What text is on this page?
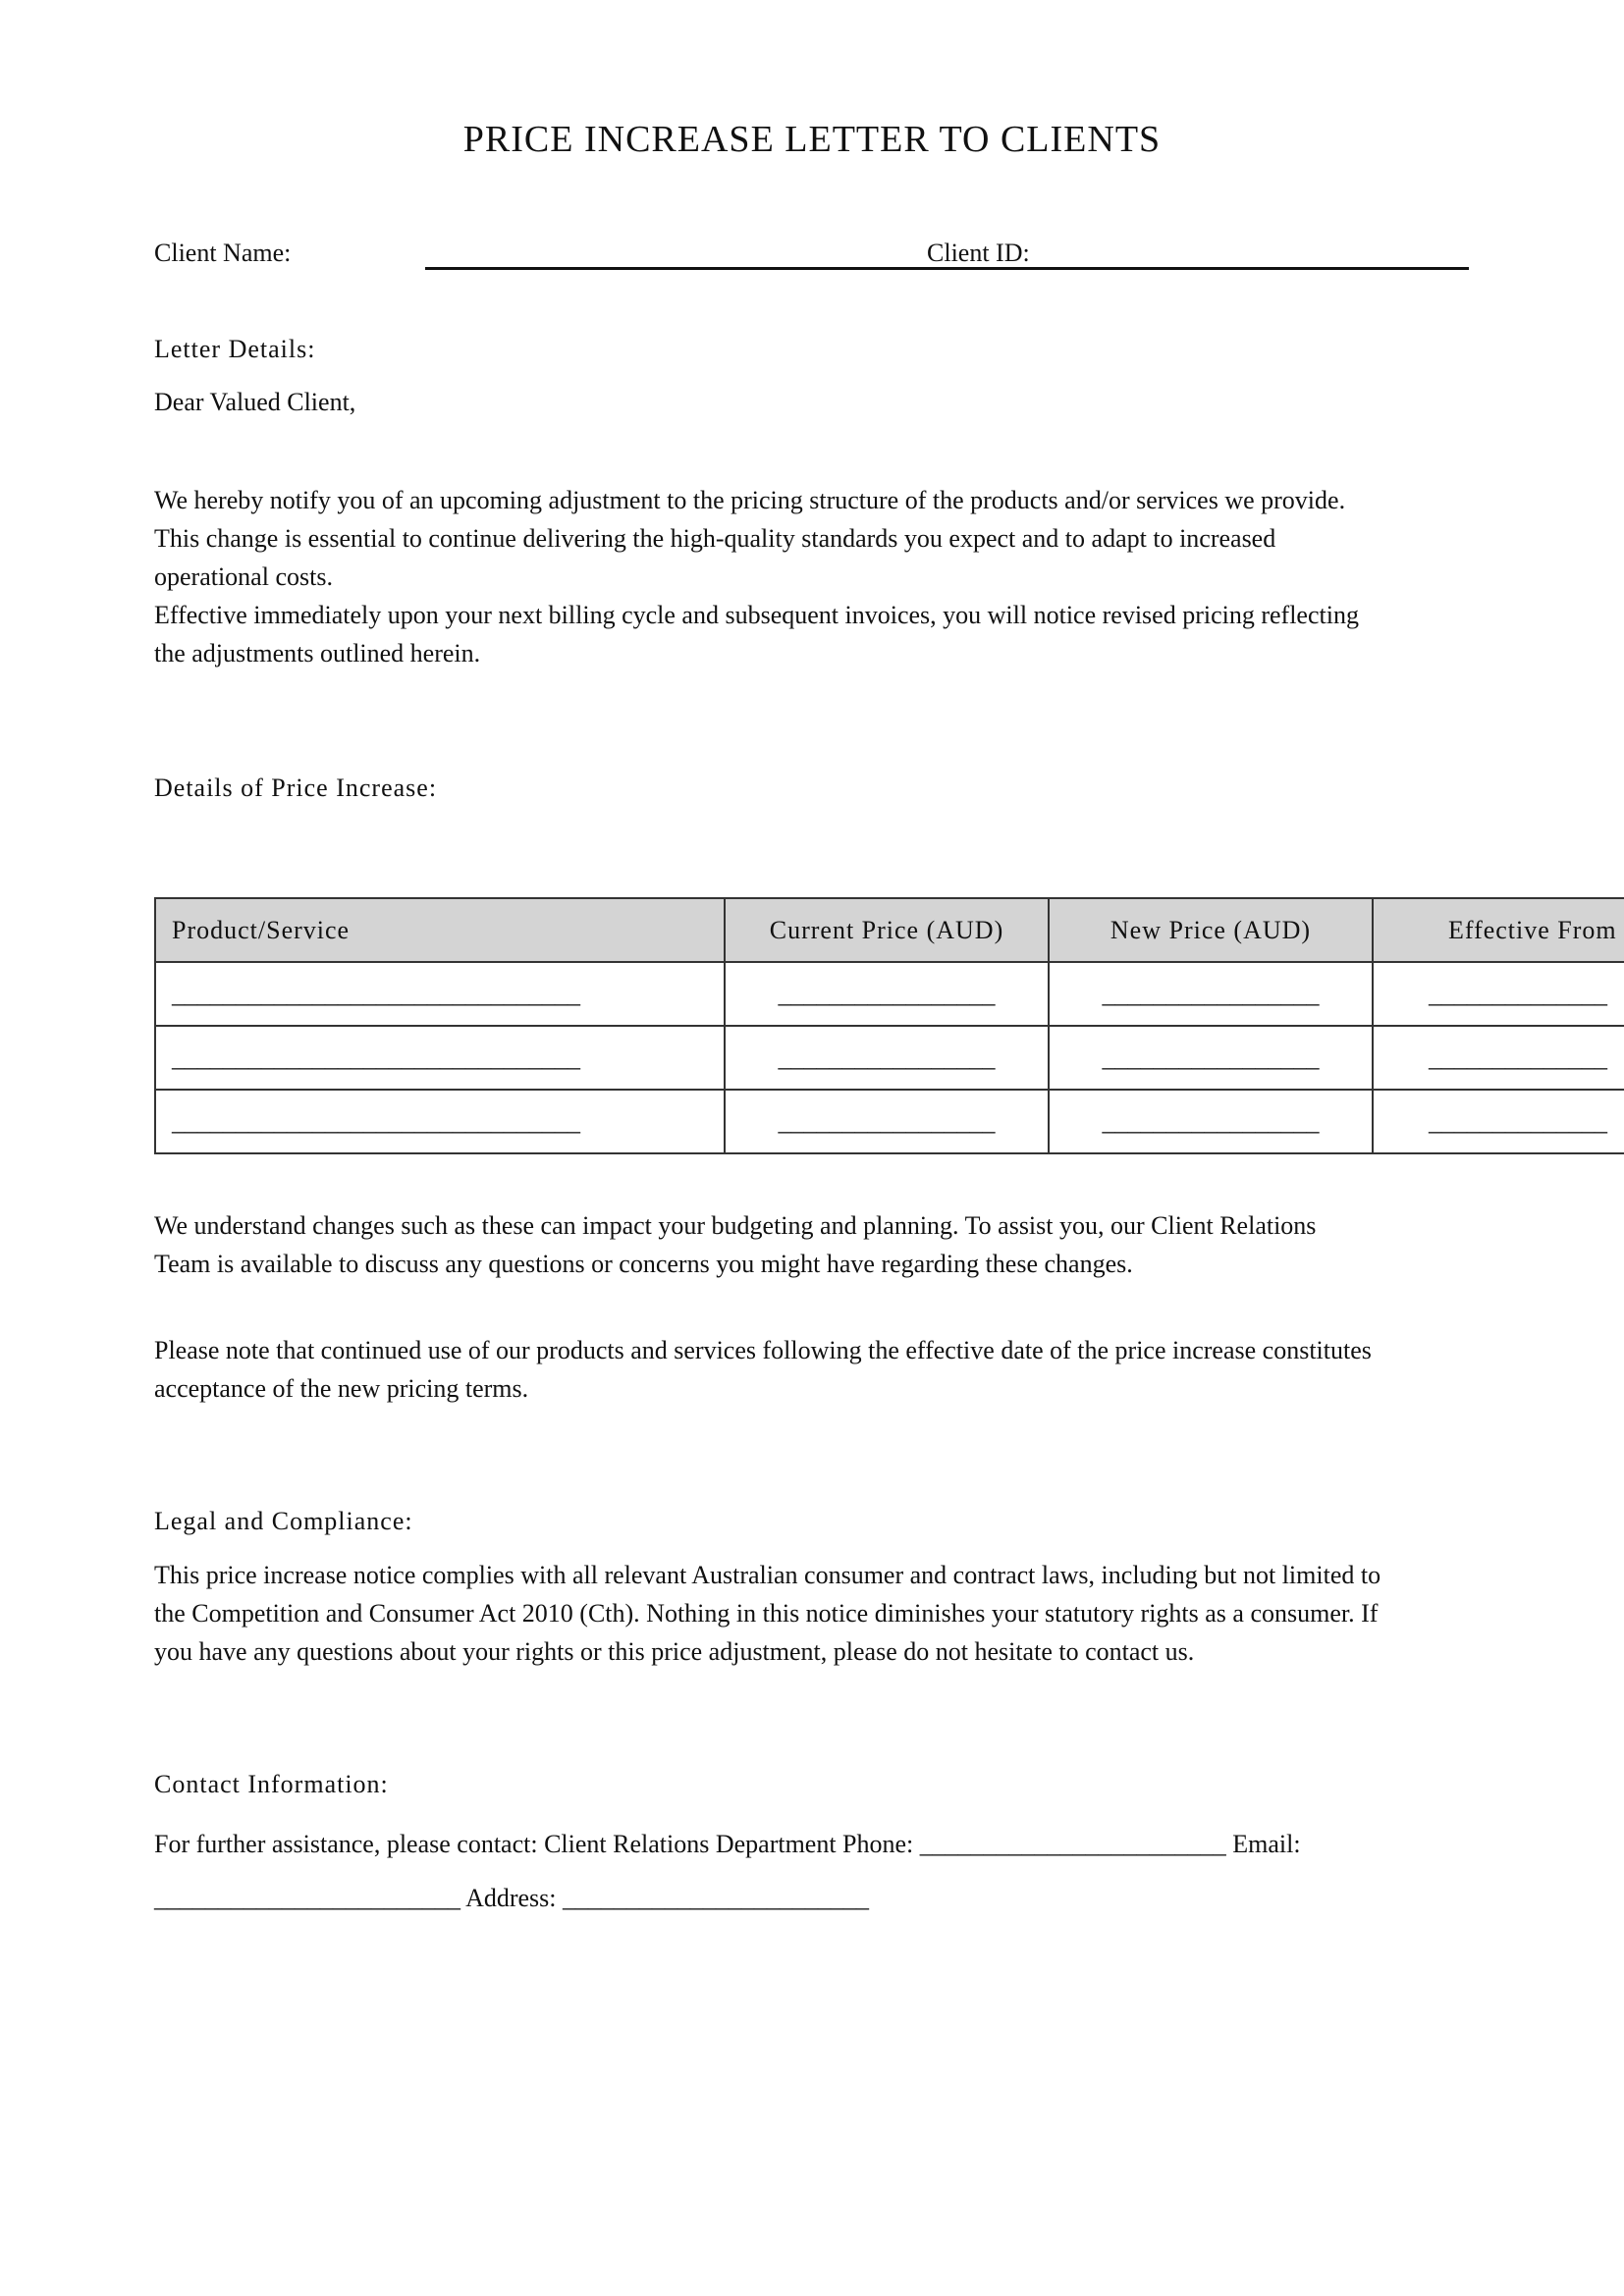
PRICE INCREASE LETTER TO CLIENTS
Client Name:	Client ID:
Letter Details:
Dear Valued Client,
We hereby notify you of an upcoming adjustment to the pricing structure of the products and/or services we provide.
This change is essential to continue delivering the high-quality standards you expect and to adapt to increased
operational costs.
Effective immediately upon your next billing cycle and subsequent invoices, you will notice revised pricing reflecting
the adjustments outlined herein.
Details of Price Increase:
Product/Service	Current Price (AUD)	New Price (AUD)	Effective From
________________________________	_________________	_________________	______________
________________________________	_________________	_________________	______________
________________________________	_________________	_________________	______________
We understand changes such as these can impact your budgeting and planning. To assist you, our Client Relations
Team is available to discuss any questions or concerns you might have regarding these changes.
Please note that continued use of our products and services following the effective date of the price increase constitutes
acceptance of the new pricing terms.
Legal and Compliance:
This price increase notice complies with all relevant Australian consumer and contract laws, including but not limited to
the Competition and Consumer Act 2010 (Cth). Nothing in this notice diminishes your statutory rights as a consumer. If
you have any questions about your rights or this price adjustment, please do not hesitate to contact us.
Contact Information:
For further assistance, please contact: Client Relations Department Phone: ________________________ Email:
________________________ Address: ________________________
